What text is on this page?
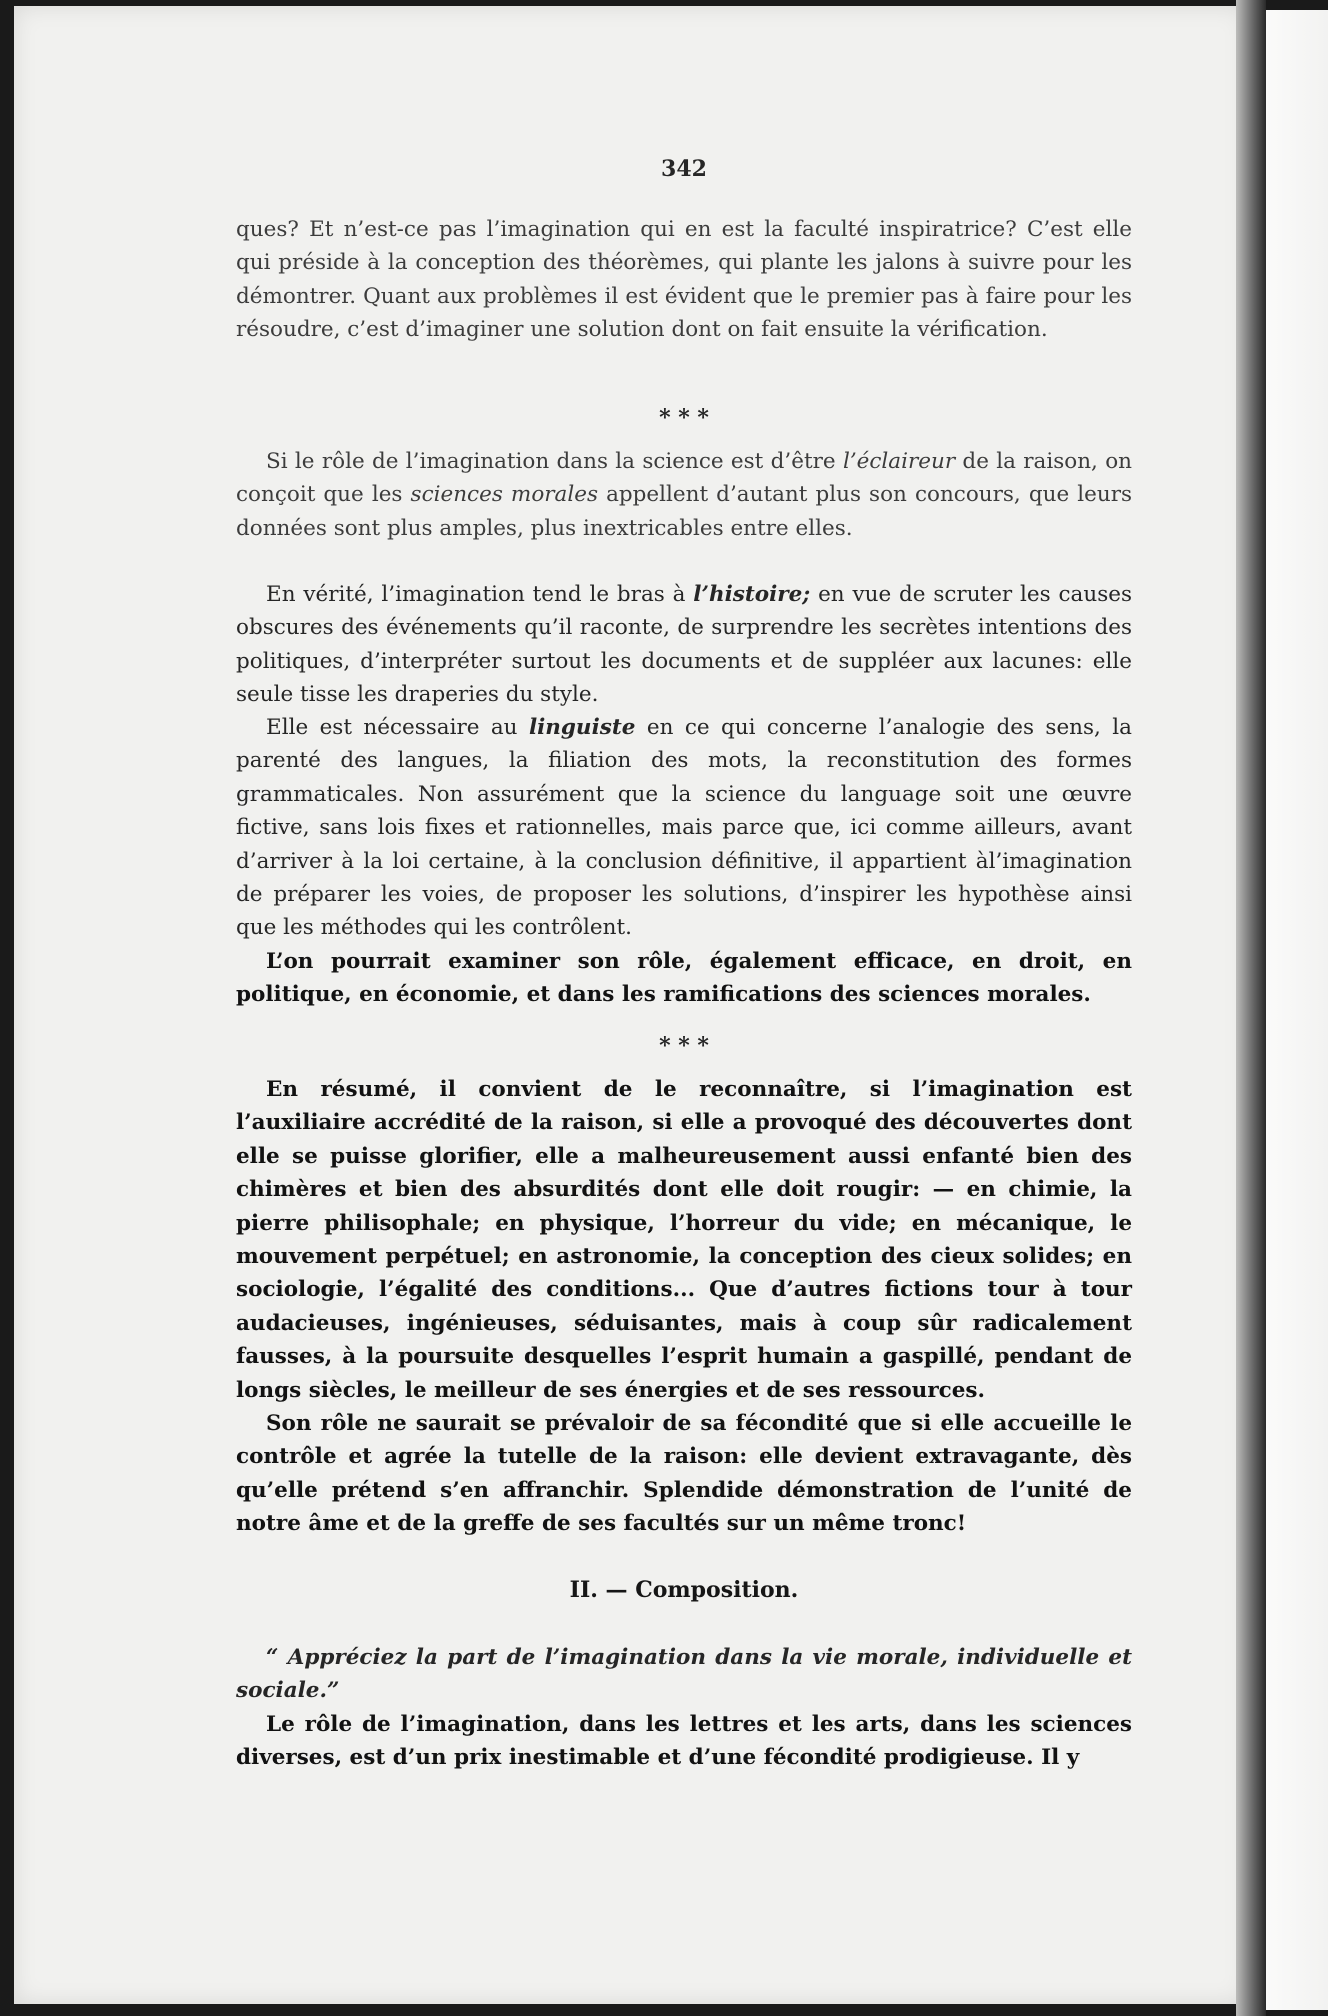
342

ques? Et n’est-ce pas l’imagination qui en est la faculté inspiratrice? C’est elle qui préside à la conception des théorèmes, qui plante les jalons à suivre pour les démontrer. Quant aux problèmes il est évident que le premier pas à faire pour les résoudre, c’est d’imaginer une solution dont on fait ensuite la vérification.

* * *

Si le rôle de l’imagination dans la science est d’être l’éclaireur de la raison, on conçoit que les sciences morales appellent d’autant plus son concours, que leurs données sont plus amples, plus inextricables entre elles.

En vérité, l’imagination tend le bras à l’histoire; en vue de scruter les causes obscures des événements qu’il raconte, de surprendre les secrètes intentions des politiques, d’interpréter surtout les documents et de suppléer aux lacunes: elle seule tisse les draperies du style.

Elle est nécessaire au linguiste en ce qui concerne l’analogie des sens, la parenté des langues, la filiation des mots, la reconstitution des formes grammaticales. Non assurément que la science du language soit une œuvre fictive, sans lois fixes et rationnelles, mais parce que, ici comme ailleurs, avant d’arriver à la loi certaine, à la conclusion définitive, il appartient àl’imagination de préparer les voies, de proposer les solutions, d’inspirer les hypothèse ainsi que les méthodes qui les contrôlent.

L’on pourrait examiner son rôle, également efficace, en droit, en politique, en économie, et dans les ramifications des sciences morales.

* * *

En résumé, il convient de le reconnaître, si l’imagination est l’auxiliaire accrédité de la raison, si elle a provoqué des découvertes dont elle se puisse glorifier, elle a malheureusement aussi enfanté bien des chimères et bien des absurdités dont elle doit rougir: — en chimie, la pierre philisophale; en physique, l’horreur du vide; en mécanique, le mouvement perpétuel; en astronomie, la conception des cieux solides; en sociologie, l’égalité des conditions... Que d’autres fictions tour à tour audacieuses, ingénieuses, séduisantes, mais à coup sûr radicalement fausses, à la poursuite desquelles l’esprit humain a gaspillé, pendant de longs siècles, le meilleur de ses énergies et de ses ressources.

Son rôle ne saurait se prévaloir de sa fécondité que si elle accueille le contrôle et agrée la tutelle de la raison: elle devient extravagante, dès qu’elle prétend s’en affranchir. Splendide démonstration de l’unité de notre âme et de la greffe de ses facultés sur un même tronc!

II. — Composition.

“ Appréciez la part de l’imagination dans la vie morale, individuelle et sociale.”

Le rôle de l’imagination, dans les lettres et les arts, dans les sciences diverses, est d’un prix inestimable et d’une fécondité prodigieuse. Il y
